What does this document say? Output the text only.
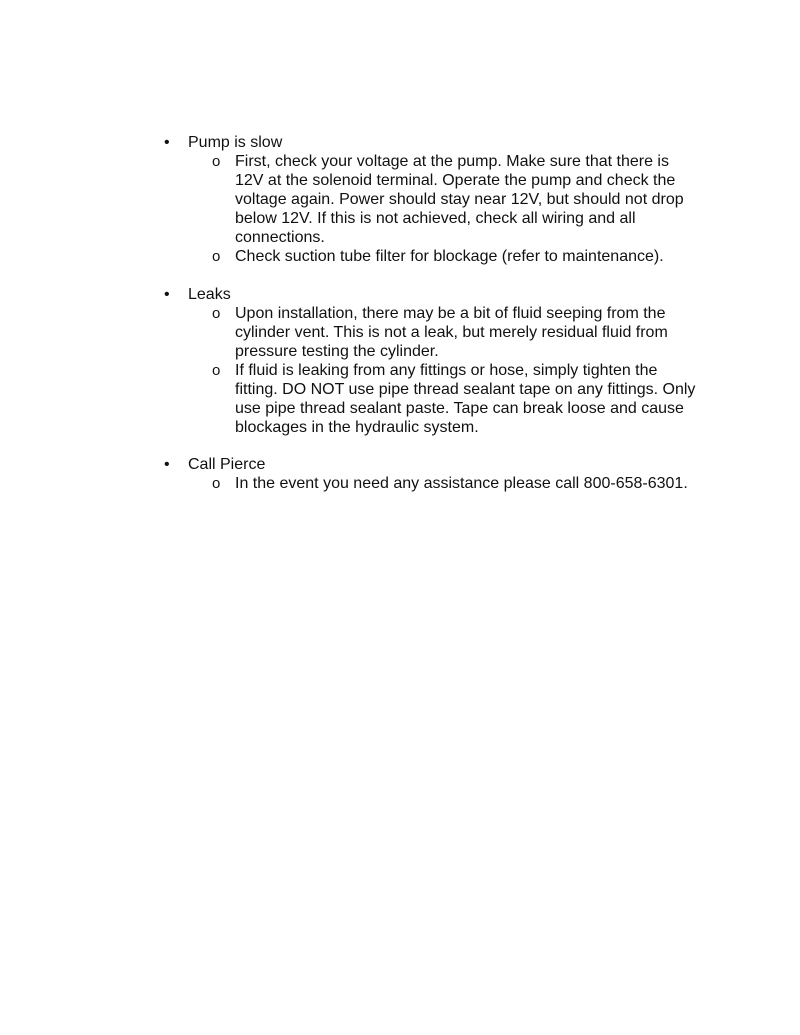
•	Pump is slow
o First, check your voltage at the pump. Make sure that there is
12V at the solenoid terminal. Operate the pump and check the
voltage again. Power should stay near 12V, but should not drop
below 12V. If this is not achieved, check all wiring and all
connections.
o Check suction tube filter for blockage (refer to maintenance).
•	Leaks
o Upon installation, there may be a bit of fluid seeping from the
cylinder vent. This is not a leak, but merely residual fluid from
pressure testing the cylinder.
o If fluid is leaking from any fittings or hose, simply tighten the
fitting. DO NOT use pipe thread sealant tape on any fittings. Only
use pipe thread sealant paste. Tape can break loose and cause
blockages in the hydraulic system.
•	Call Pierce
o In the event you need any assistance please call 800-658-6301.
